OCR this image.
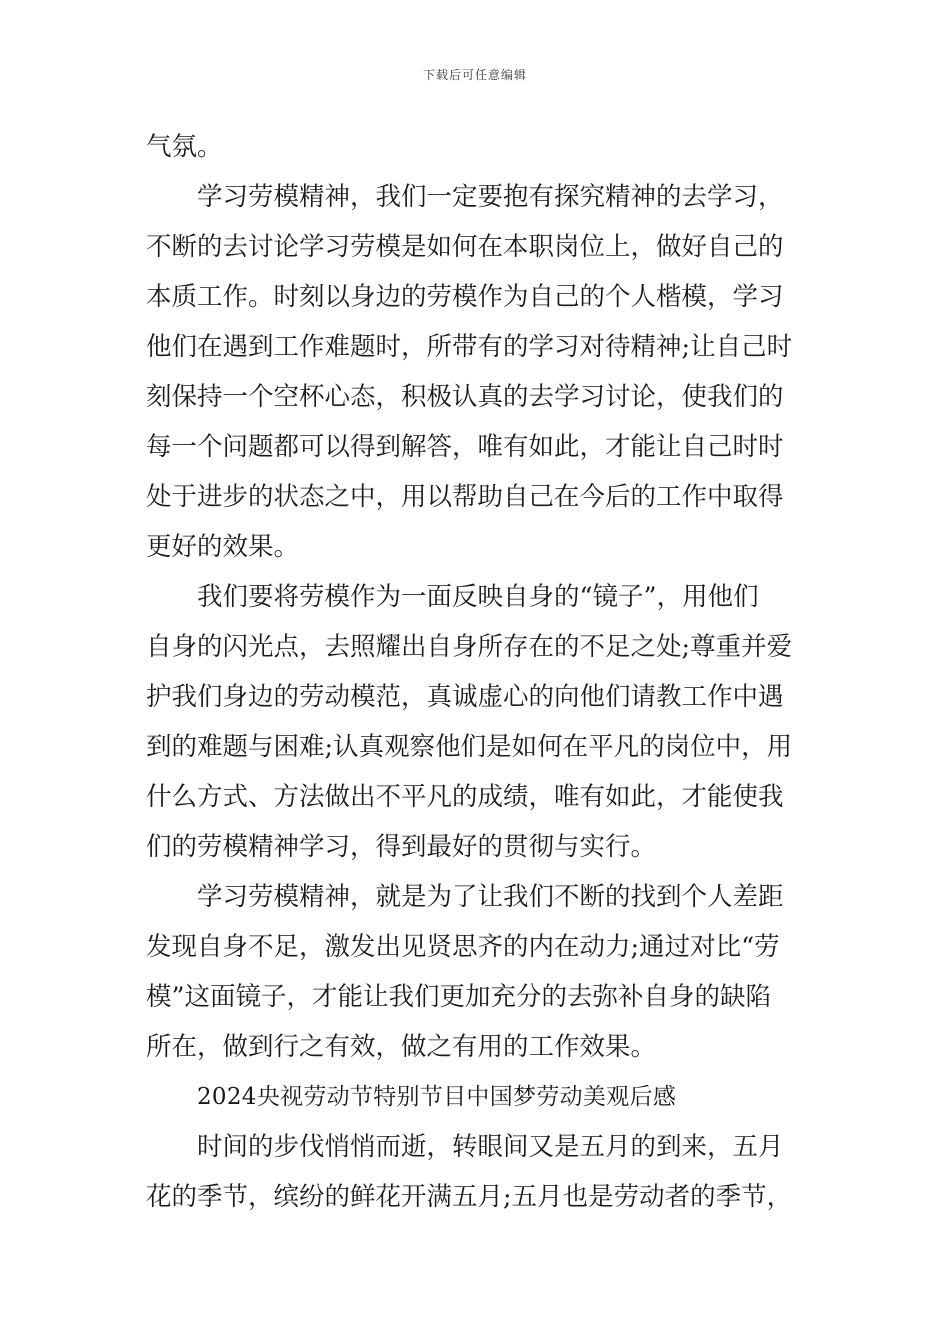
下载后可任意编辑
气氛。
学习劳模精神，我们一定要抱有探究精神的去学习，
不断的去讨论学习劳模是如何在本职岗位上，做好自己的
本质工作。时刻以身边的劳模作为自己的个人楷模，学习
他们在遇到工作难题时，所带有的学习对待精神;让自己时
刻保持一个空杯心态，积极认真的去学习讨论，使我们的
每一个问题都可以得到解答，唯有如此，才能让自己时时
处于进步的状态之中，用以帮助自己在今后的工作中取得
更好的效果。
我们要将劳模作为一面反映自身的“镜子”，用他们
自身的闪光点，去照耀出自身所存在的不足之处;尊重并爱
护我们身边的劳动模范，真诚虚心的向他们请教工作中遇
到的难题与困难;认真观察他们是如何在平凡的岗位中，用
什么方式、方法做出不平凡的成绩，唯有如此，才能使我
们的劳模精神学习，得到最好的贯彻与实行。
学习劳模精神，就是为了让我们不断的找到个人差距
发现自身不足，激发出见贤思齐的内在动力;通过对比“劳
模”这面镜子，才能让我们更加充分的去弥补自身的缺陷
所在，做到行之有效，做之有用的工作效果。
2024央视劳动节特别节目中国梦劳动美观后感
时间的步伐悄悄而逝，转眼间又是五月的到来，五月
花的季节，缤纷的鲜花开满五月;五月也是劳动者的季节，
